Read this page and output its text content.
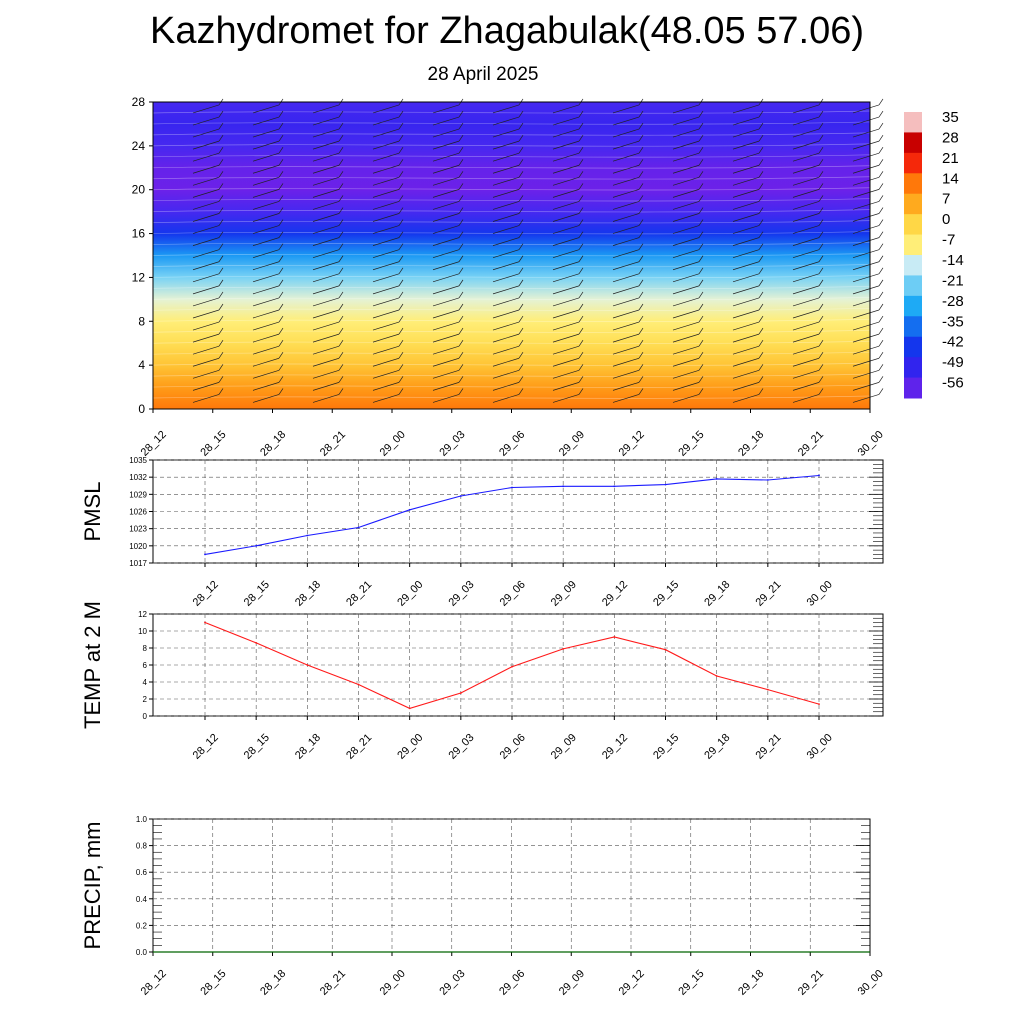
Kazhydromet for Zhagabulak(48.05 57.06)
28 April 2025
0
4
8
12
16
20
24
28
28_12	28_15	28_18	28_21	29_00	29_03	29_06	29_09	29_12	29_15	29_18	29_21	30_00
35
28
21
14
7
0
-7
-14
-21
-28
-35
-42
-49
-56
1017
1020
1023
1026
1029
1032
1035
28_12 28_15 28_18 28_21 29_00 29_03 29_06 29_09 29_12 29_15 29_18 29_21 30_00
PMSL
0
2
4
6
8
10
12
28_12 28_15 28_18 28_21 29_00 29_03 29_06 29_09 29_12 29_15 29_18 29_21 30_00
TEMP at 2 M
0.0
0.2
0.4
0.6
0.8
1.0
28_12	28_15	28_18	28_21	29_00	29_03	29_06	29_09	29_12	29_15	29_18	29_21	30_00
PRECIP, mm
